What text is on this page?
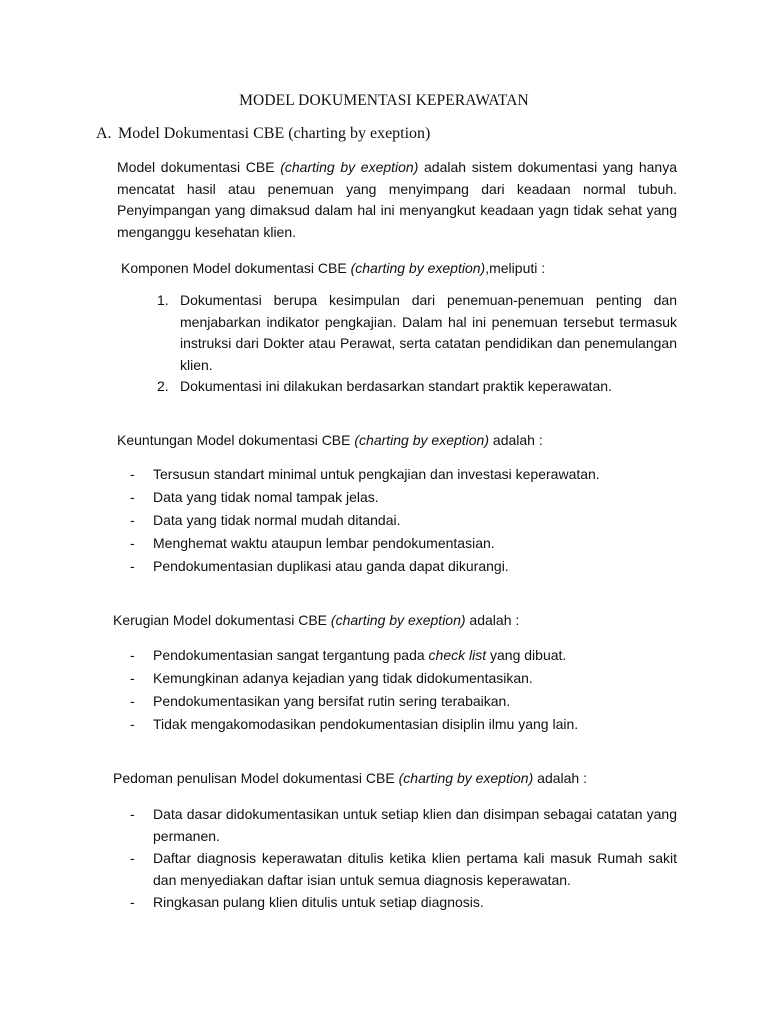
MODEL DOKUMENTASI KEPERAWATAN
A. Model Dokumentasi CBE (charting by exeption)

Model dokumentasi CBE (charting by exeption) adalah sistem dokumentasi yang hanya mencatat hasil atau penemuan yang menyimpang dari keadaan normal tubuh. Penyimpangan yang dimaksud dalam hal ini menyangkut keadaan yagn tidak sehat yang menganggu kesehatan klien.

Komponen Model dokumentasi CBE (charting by exeption),meliputi :

1. Dokumentasi berupa kesimpulan dari penemuan-penemuan penting dan menjabarkan indikator pengkajian. Dalam hal ini penemuan tersebut termasuk instruksi dari Dokter atau Perawat, serta catatan pendidikan dan penemulangan klien.
2. Dokumentasi ini dilakukan berdasarkan standart praktik keperawatan.

Keuntungan Model dokumentasi CBE (charting by exeption) adalah :

- Tersusun standart minimal untuk pengkajian dan investasi keperawatan.
- Data yang tidak nomal tampak jelas.
- Data yang tidak normal mudah ditandai.
- Menghemat waktu ataupun lembar pendokumentasian.
- Pendokumentasian duplikasi atau ganda dapat dikurangi.

Kerugian Model dokumentasi CBE (charting by exeption) adalah :

- Pendokumentasian sangat tergantung pada check list yang dibuat.
- Kemungkinan adanya kejadian yang tidak didokumentasikan.
- Pendokumentasikan yang bersifat rutin sering terabaikan.
- Tidak mengakomodasikan pendokumentasian disiplin ilmu yang lain.

Pedoman penulisan Model dokumentasi CBE (charting by exeption) adalah :

- Data dasar didokumentasikan untuk setiap klien dan disimpan sebagai catatan yang permanen.
- Daftar diagnosis keperawatan ditulis ketika klien pertama kali masuk Rumah sakit dan menyediakan daftar isian untuk semua diagnosis keperawatan.
- Ringkasan pulang klien ditulis untuk setiap diagnosis.
